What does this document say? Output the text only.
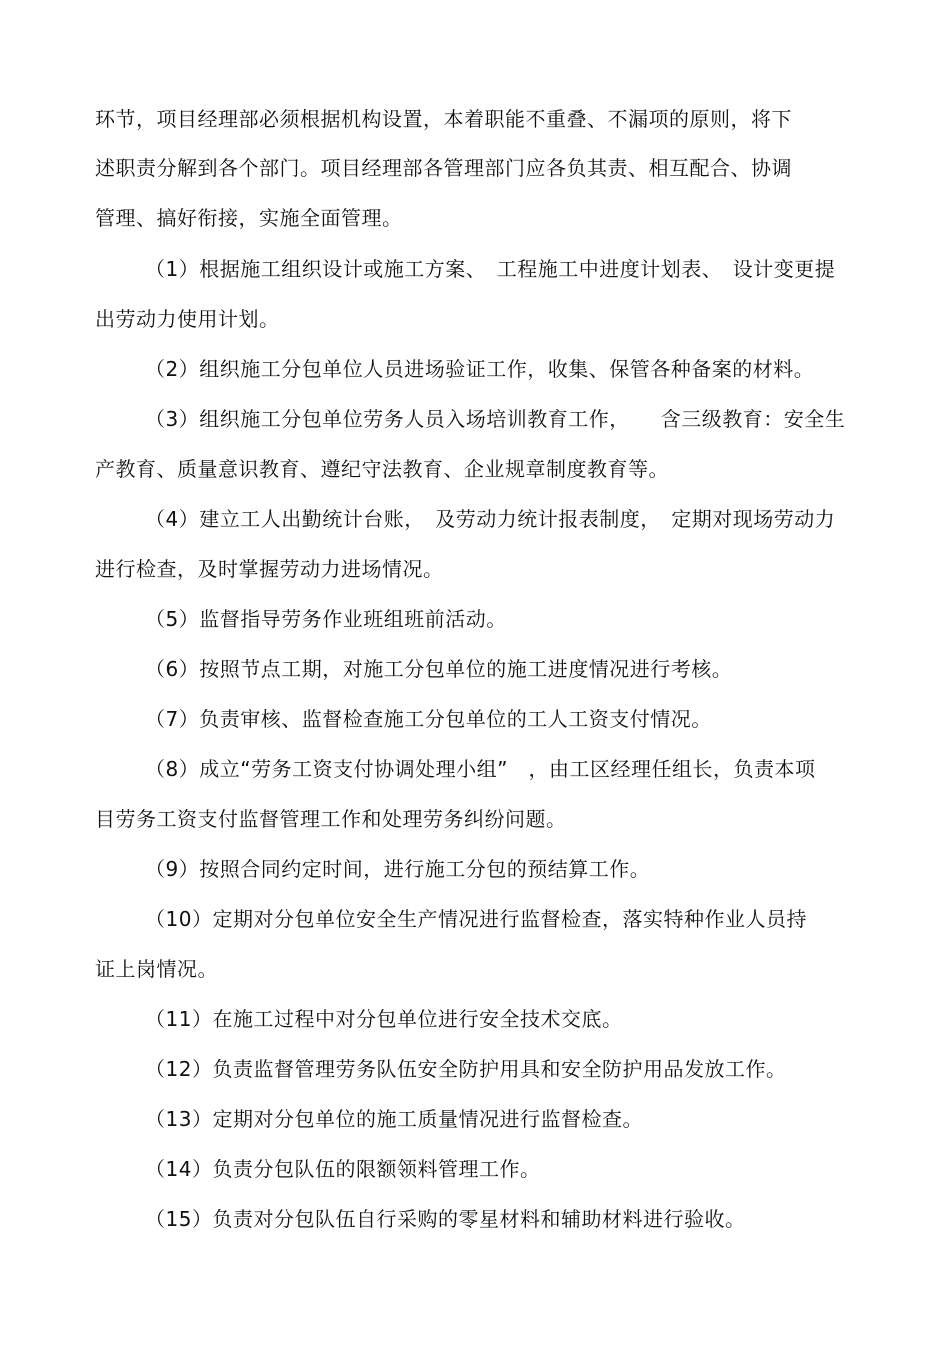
环节，项目经理部必须根据机构设置，本着职能不重叠、不漏项的原则，将下
述职责分解到各个部门。项目经理部各管理部门应各负其责、相互配合、协调
管理、搞好衔接，实施全面管理。
（1）根据施工组织设计或施工方案、　工程施工中进度计划表、　设计变更提
出劳动力使用计划。
（2）组织施工分包单位人员进场验证工作，收集、保管各种备案的材料。
（3）组织施工分包单位劳务人员入场培训教育工作，　　含三级教育：安全生
产教育、质量意识教育、遵纪守法教育、企业规章制度教育等。
（4）建立工人出勤统计台账，　及劳动力统计报表制度，　定期对现场劳动力
进行检查，及时掌握劳动力进场情况。
（5）监督指导劳务作业班组班前活动。
（6）按照节点工期，对施工分包单位的施工进度情况进行考核。
（7）负责审核、监督检查施工分包单位的工人工资支付情况。
（8）成立“劳务工资支付协调处理小组”　，由工区经理任组长，负责本项
目劳务工资支付监督管理工作和处理劳务纠纷问题。
（9）按照合同约定时间，进行施工分包的预结算工作。
（10）定期对分包单位安全生产情况进行监督检查，落实特种作业人员持
证上岗情况。
（11）在施工过程中对分包单位进行安全技术交底。
（12）负责监督管理劳务队伍安全防护用具和安全防护用品发放工作。
（13）定期对分包单位的施工质量情况进行监督检查。
（14）负责分包队伍的限额领料管理工作。
（15）负责对分包队伍自行采购的零星材料和辅助材料进行验收。
